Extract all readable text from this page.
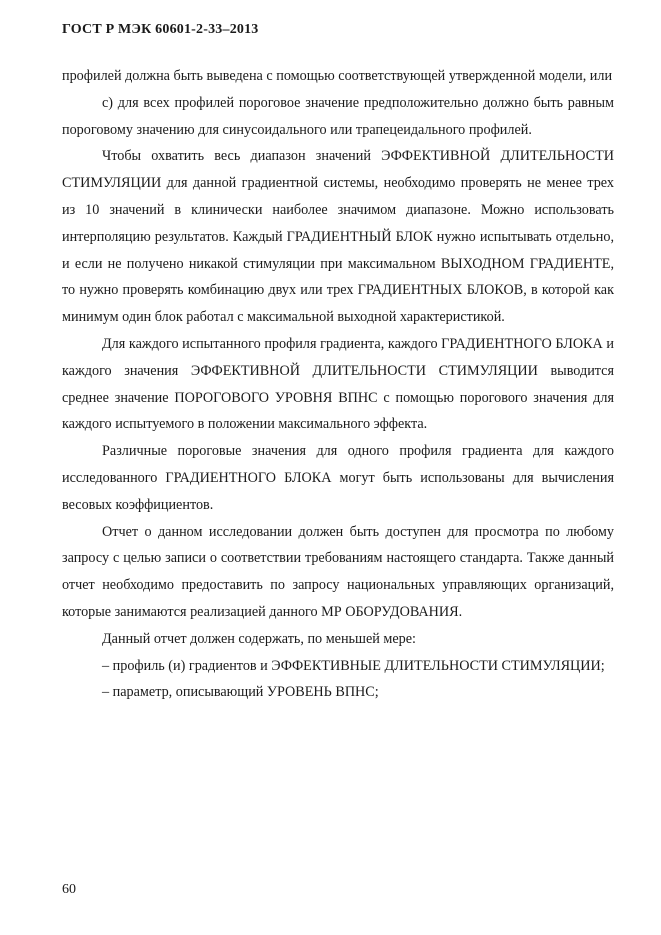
ГОСТ Р МЭК 60601-2-33–2013

профилей должна быть выведена с помощью соответствующей утвержденной модели, или

c) для всех профилей пороговое значение предположительно должно быть равным пороговому значению для синусоидального или трапецеидального профилей.

Чтобы охватить весь диапазон значений ЭФФЕКТИВНОЙ ДЛИТЕЛЬНОСТИ СТИМУЛЯЦИИ для данной градиентной системы, необходимо проверять не менее трех из 10 значений в клинически наиболее значимом диапазоне. Можно использовать интерполяцию результатов. Каждый ГРАДИЕНТНЫЙ БЛОК нужно испытывать отдельно, и если не получено никакой стимуляции при максимальном ВЫХОДНОМ ГРАДИЕНТЕ, то нужно проверять комбинацию двух или трех ГРАДИЕНТНЫХ БЛОКОВ, в которой как минимум один блок работал с максимальной выходной характеристикой.

Для каждого испытанного профиля градиента, каждого ГРАДИЕНТНОГО БЛОКА и каждого значения ЭФФЕКТИВНОЙ ДЛИТЕЛЬНОСТИ СТИМУЛЯЦИИ выводится среднее значение ПОРОГОВОГО УРОВНЯ ВПНС с помощью порогового значения для каждого испытуемого в положении максимального эффекта.

Различные пороговые значения для одного профиля градиента для каждого исследованного ГРАДИЕНТНОГО БЛОКА могут быть использованы для вычисления весовых коэффициентов.

Отчет о данном исследовании должен быть доступен для просмотра по любому запросу с целью записи о соответствии требованиям настоящего стандарта. Также данный отчет необходимо предоставить по запросу национальных управляющих организаций, которые занимаются реализацией данного МР ОБОРУДОВАНИЯ.

Данный отчет должен содержать, по меньшей мере:

– профиль (и) градиентов и ЭФФЕКТИВНЫЕ ДЛИТЕЛЬНОСТИ СТИМУЛЯЦИИ;

– параметр, описывающий УРОВЕНЬ ВПНС;

60
